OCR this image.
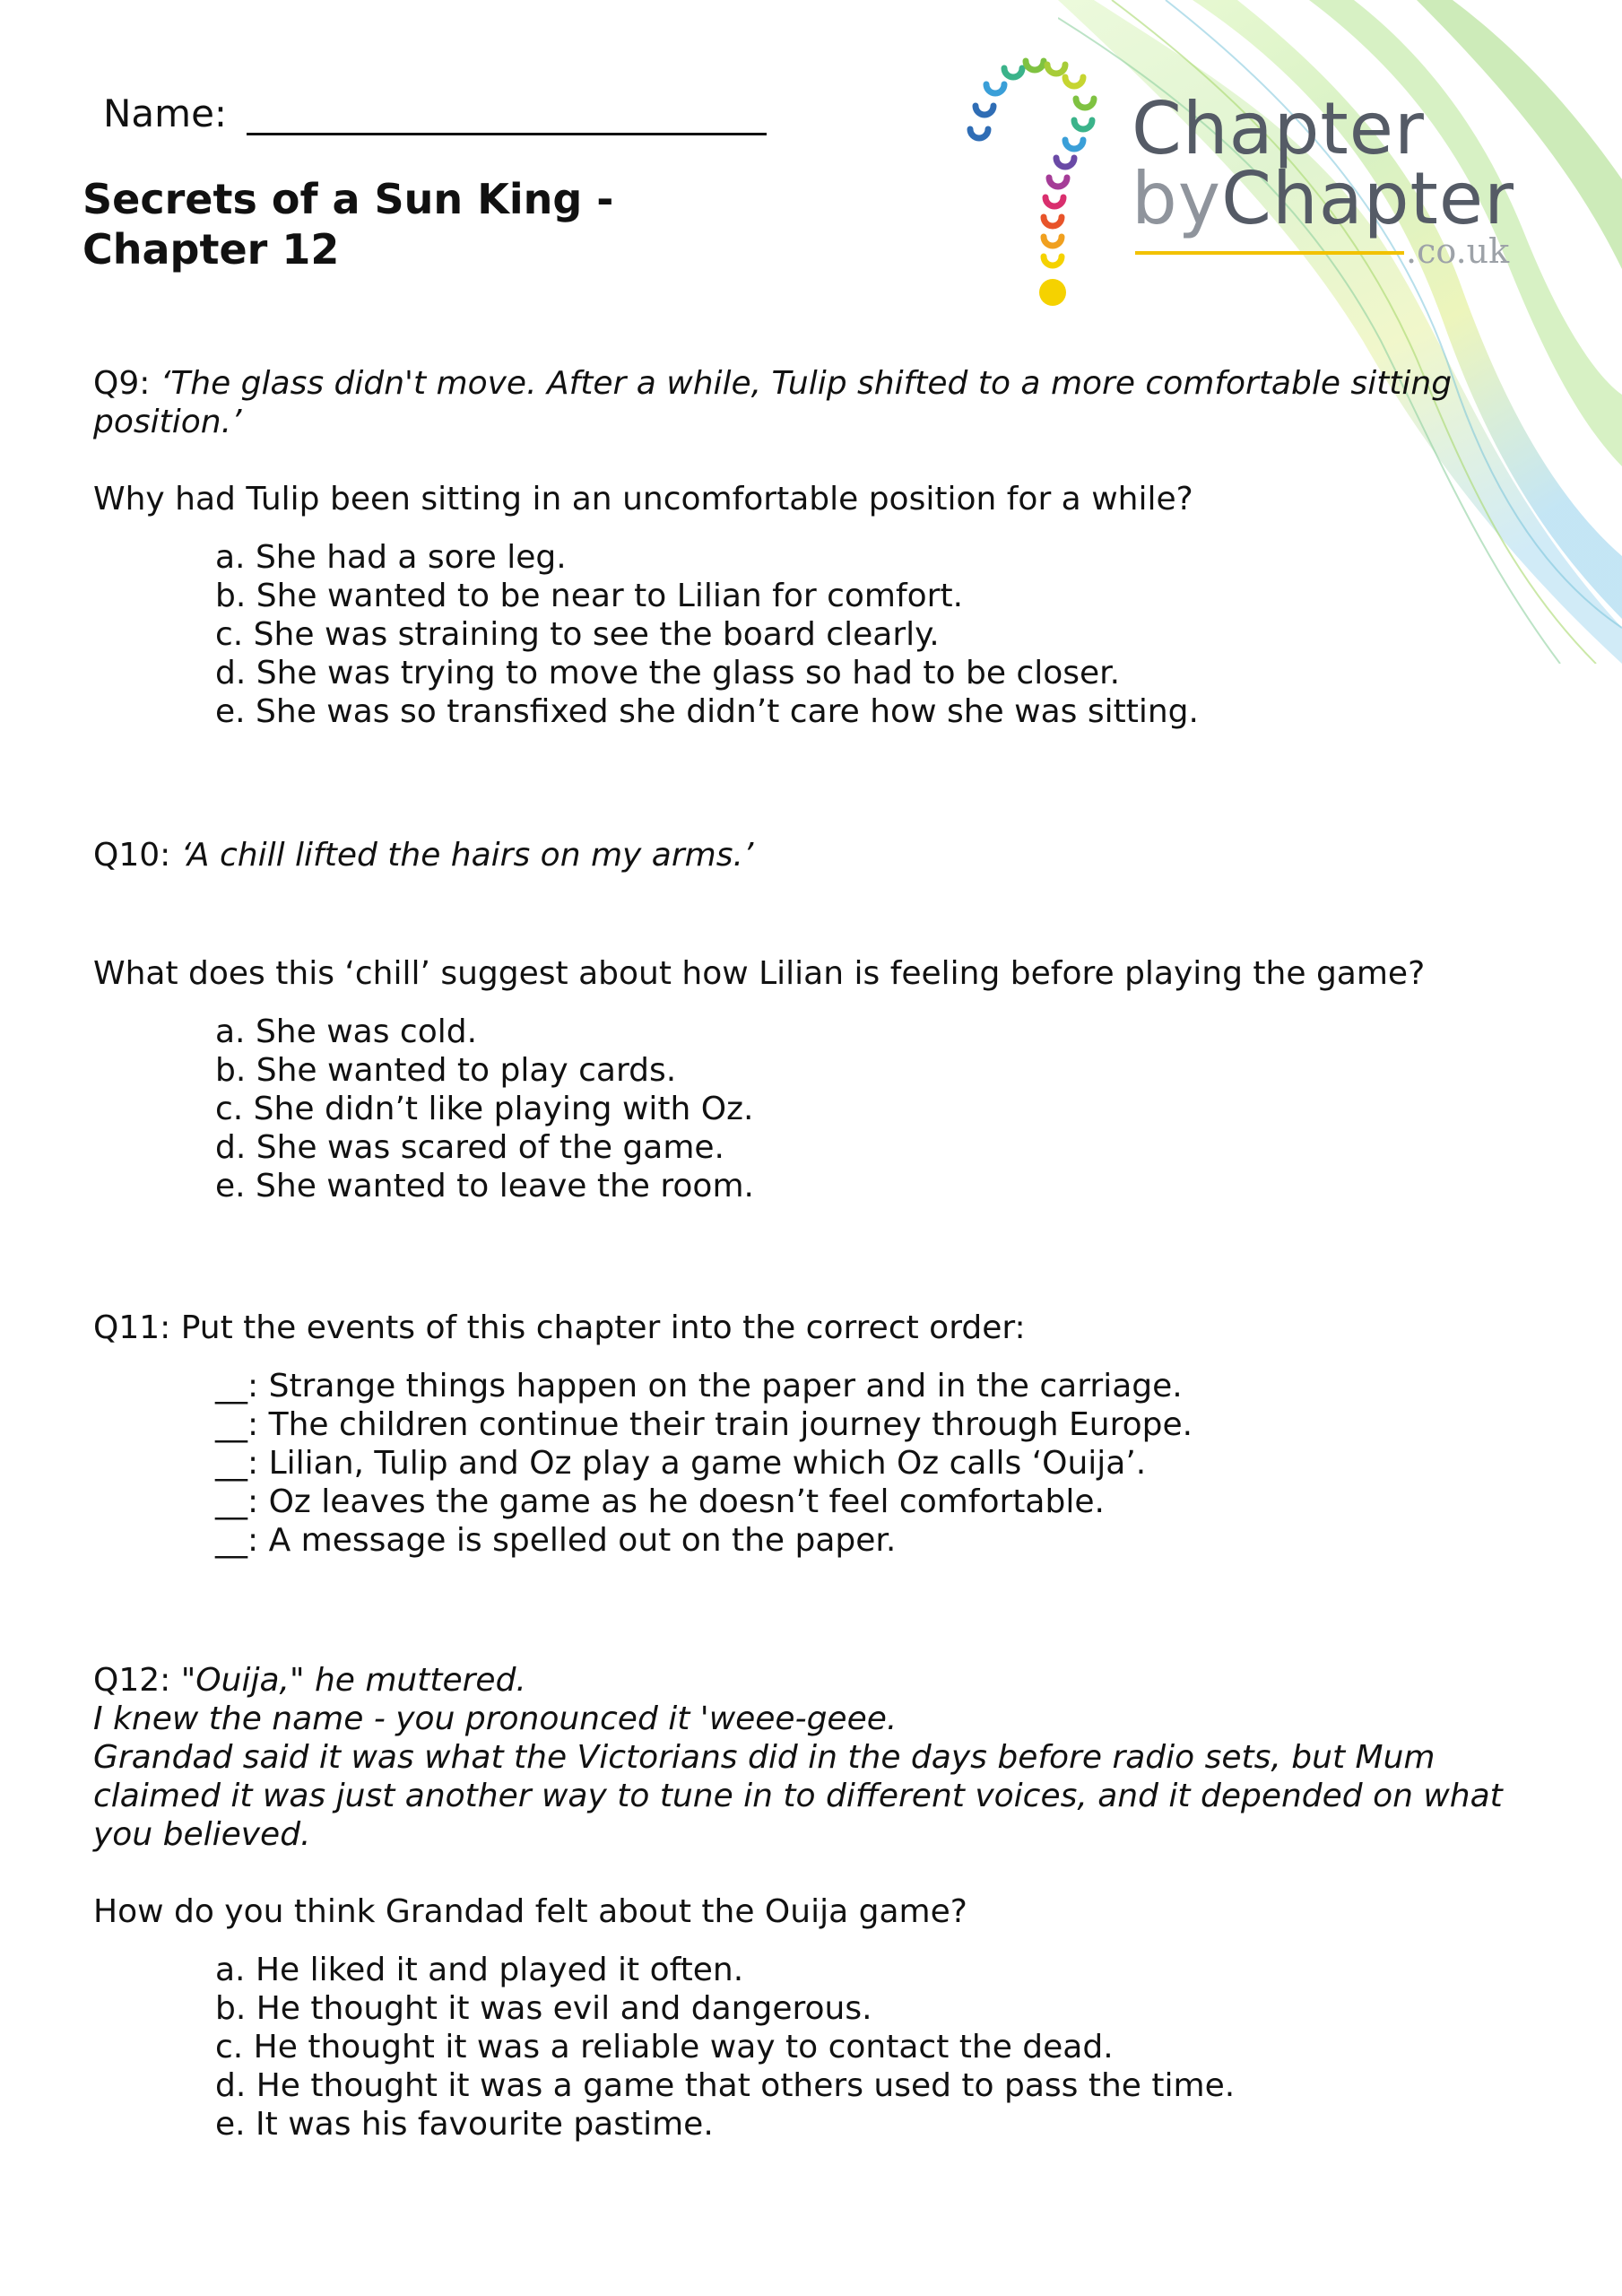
Chapter
byChapter
.co.uk
Name:
Secrets of a Sun King - Chapter 12
Q9: ‘The glass didn't move. After a while, Tulip shifted to a more comfortable sitting position.’
Why had Tulip been sitting in an uncomfortable position for a while?
a. She had a sore leg.
b. She wanted to be near to Lilian for comfort.
c. She was straining to see the board clearly.
d. She was trying to move the glass so had to be closer.
e. She was so transfixed she didn’t care how she was sitting.
Q10: ‘A chill lifted the hairs on my arms.’
What does this ‘chill’ suggest about how Lilian is feeling before playing the game?
a. She was cold.
b. She wanted to play cards.
c. She didn’t like playing with Oz.
d. She was scared of the game.
e. She wanted to leave the room.
Q11: Put the events of this chapter into the correct order:
__: Strange things happen on the paper and in the carriage.
__: The children continue their train journey through Europe.
__: Lilian, Tulip and Oz play a game which Oz calls ‘Ouija’.
__: Oz leaves the game as he doesn’t feel comfortable.
__: A message is spelled out on the paper.
Q12: "Ouija," he muttered.
I knew the name - you pronounced it 'weee-geee.
Grandad said it was what the Victorians did in the days before radio sets, but Mum claimed it was just another way to tune in to different voices, and it depended on what you believed.
How do you think Grandad felt about the Ouija game?
a. He liked it and played it often.
b. He thought it was evil and dangerous.
c. He thought it was a reliable way to contact the dead.
d. He thought it was a game that others used to pass the time.
e. It was his favourite pastime.
